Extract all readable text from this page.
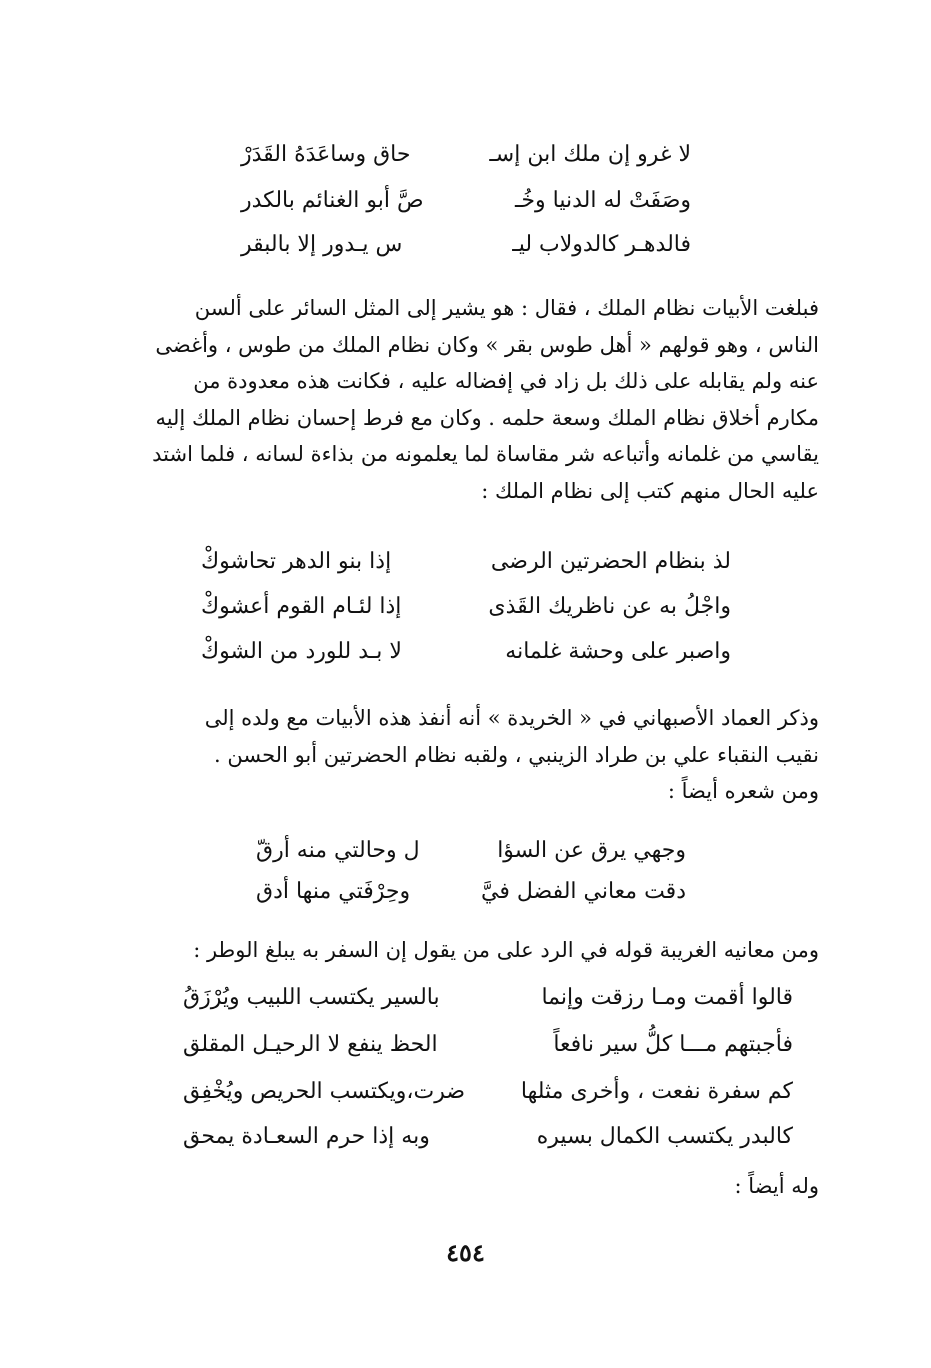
لا غرو إن ملك ابن إسـ
حاق وساعَدَهُ القَدَرْ
وصَفَتْ له الدنيا وخُـ
صَّ أبو الغنائم بالكدر
فالدهـر كالدولاب ليـ
س يـدور إلا بالبقر

فبلغت الأبيات نظام الملك ، فقال : هو يشير إلى المثل السائر على ألسن

الناس ، وهو قولهم « أهل طوس بقر » وكان نظام الملك من طوس ، وأغضى

عنه ولم يقابله على ذلك بل زاد في إفضاله عليه ، فكانت هذه معدودة من

مكارم أخلاق نظام الملك وسعة حلمه . وكان مع فرط إحسان نظام الملك إليه

يقاسي من غلمانه وأتباعه شر مقاساة لما يعلمونه من بذاءة لسانه ، فلما اشتد

عليه الحال منهم كتب إلى نظام الملك :

لذ بنظام الحضرتين الرضى
إذا بنو الدهر تحاشوكْ
واجْلُ به عن ناظريك القَذى
إذا لئـام القوم أعشوكْ
واصبر على وحشة غلمانه
لا بـد للورد من الشوكْ

وذكر العماد الأصبهاني في « الخريدة » أنه أنفذ هذه الأبيات مع ولده إلى

نقيب النقباء علي بن طراد الزينبي ، ولقبه نظام الحضرتين أبو الحسن .

ومن شعره أيضاً :

وجهي يرق عن السؤا
ل وحالتي منه أرقّ
دقت معاني الفضل فيَّ
وحِرْفَتي منها أدق

ومن معانيه الغريبة قوله في الرد على من يقول إن السفر به يبلغ الوطر :

قالوا أقمت ومـا رزقت وإنما
بالسير يكتسب اللبيب ويُرْزَقُ
فأجبتهم مـــا كلُّ سير نافعاً
الحظ ينفع لا الرحيـل المقلق
كم سفرة نفعت ، وأخرى مثلها
ضرت،ويكتسب الحريص ويُخْفِق
كالبدر يكتسب الكمال بسيره
وبه إذا حرم السعـادة يمحق

وله أيضاً :

٤٥٤
